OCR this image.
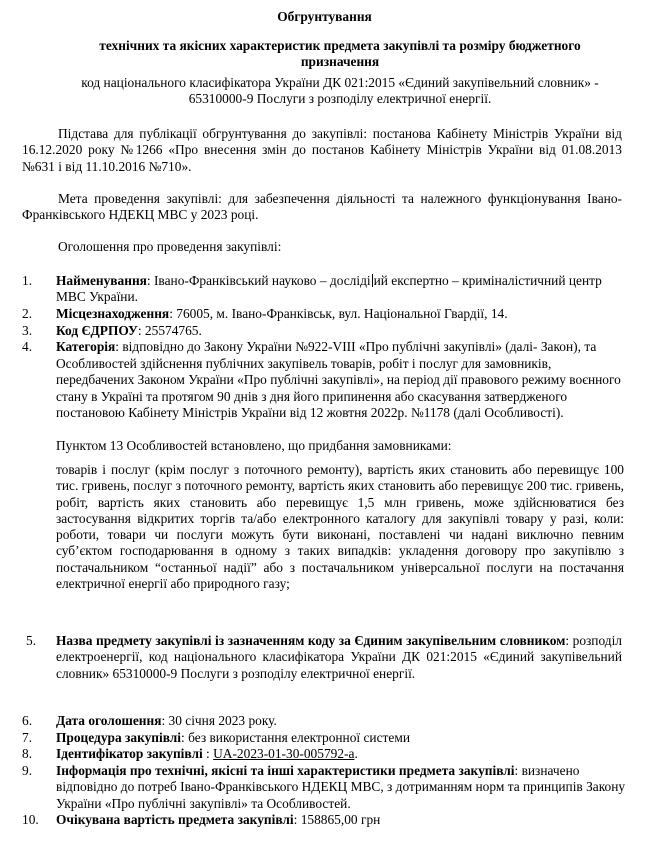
Обгрунтування
технічних та якісних характеристик предмета закупівлі та розміру бюджетного
призначення
код національного класифікатора України ДК 021:2015 «Єдиний закупівельний словник» -
65310000-9 Послуги з розподілу електричної енергії.
Підстава для публікації обгрунтування до закупівлі: постанова Кабінету Міністрів України від 16.12.2020 року №1266 «Про внесення змін до постанов Кабінету Міністрів України від 01.08.2013 №631 і від 11.10.2016 №710».
Мета проведення закупівлі: для забезпечення діяльності та належного функціонування Івано-Франківського НДЕКЦ МВС у 2023 році.
Оголошення про проведення закупівлі:
1. Найменування: Івано-Франківський науково – досліді ий експертно – криміналістичний центр МВС України.
2. Місцезнаходження: 76005, м. Івано-Франківськ, вул. Національної Гвардії, 14.
3. Код ЄДРПОУ: 25574765.
4. Категорія: відповідно до Закону України №922-VIII «Про публічні закупівлі» (далі- Закон), та Особливостей здійснення публічних закупівель товарів, робіт і послуг для замовників, передбачених Законом України «Про публічні закупівлі», на період дії правового режиму воєнного стану в Україні та протягом 90 днів з дня його припинення або скасування затвердженого постановою Кабінету Міністрів України від 12 жовтня 2022р. №1178 (далі Особливості).
Пунктом 13 Особливостей встановлено, що придбання замовниками:
товарів і послуг (крім послуг з поточного ремонту), вартість яких становить або перевищує 100 тис. гривень, послуг з поточного ремонту, вартість яких становить або перевищує 200 тис. гривень, робіт, вартість яких становить або перевищує 1,5 млн гривень, може здійснюватися без застосування відкритих торгів та/або електронного каталогу для закупівлі товару у разі, коли: роботи, товари чи послуги можуть бути виконані, поставлені чи надані виключно певним суб’єктом господарювання в одному з таких випадків: укладення договору про закупівлю з постачальником “останньої надії” або з постачальником універсальної послуги на постачання електричної енергії або природного газу;
5. Назва предмету закупівлі із зазначенням коду за Єдиним закупівельним словником: розподіл електроенергії, код національного класифікатора України ДК 021:2015 «Єдиний закупівельний словник» 65310000-9 Послуги з розподілу електричної енергії.
6. Дата оголошення: 30 січня 2023 року.
7. Процедура закупівлі: без використання електронної системи
8. Ідентифікатор закупівлі : UA-2023-01-30-005792-a.
9. Інформація про технічні, якісні та інші характеристики предмета закупівлі: визначено відповідно до потреб Івано-Франківського НДЕКЦ МВС, з дотриманням норм та принципів Закону України «Про публічні закупівлі» та Особливостей.
10. Очікувана вартість предмета закупівлі: 158865,00 грн
